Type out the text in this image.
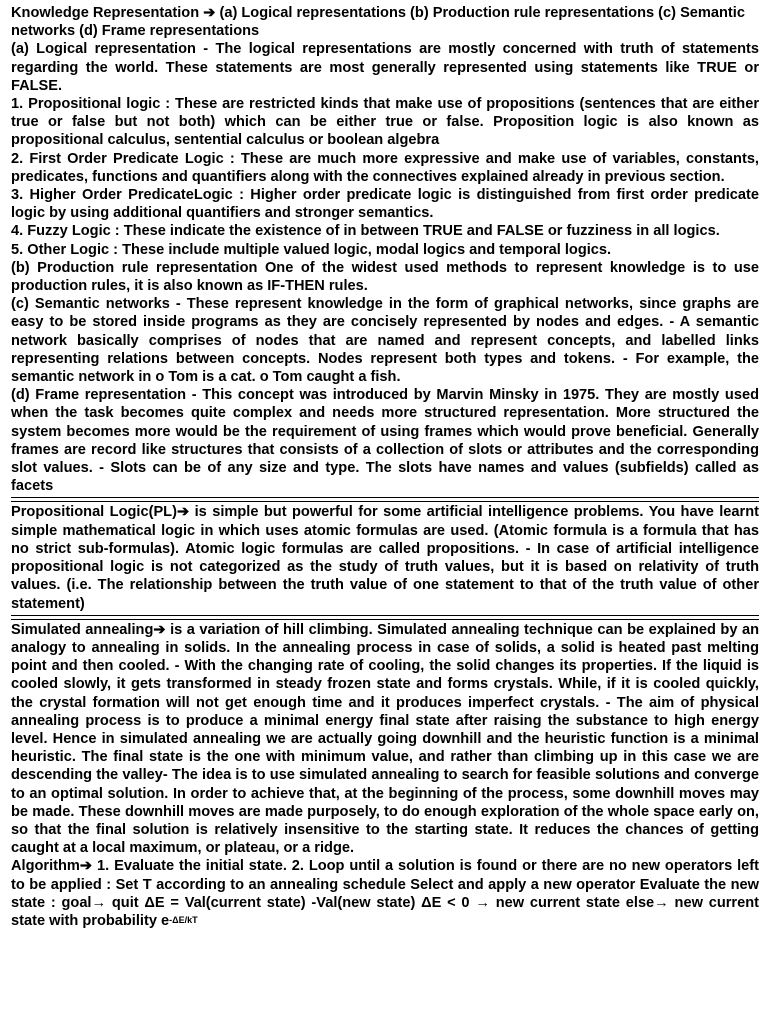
Knowledge Representation ➔ (a) Logical representations (b) Production rule representations (c) Semantic networks (d) Frame representations

(a) Logical representation - The logical representations are mostly concerned with truth of statements regarding the world. These statements are most generally represented using statements like TRUE or FALSE.

1. Propositional logic : These are restricted kinds that make use of propositions (sentences that are either true or false but not both) which can be either true or false. Proposition logic is also known as propositional calculus, sentential calculus or boolean algebra

2. First Order Predicate Logic : These are much more expressive and make use of variables, constants, predicates, functions and quantifiers along with the connectives explained already in previous section.

3. Higher Order PredicateLogic : Higher order predicate logic is distinguished from first order predicate logic by using additional quantifiers and stronger semantics.

4. Fuzzy Logic : These indicate the existence of in between TRUE and FALSE or fuzziness in all logics.

5. Other Logic : These include multiple valued logic, modal logics and temporal logics.

(b) Production rule representation One of the widest used methods to represent knowledge is to use production rules, it is also known as IF-THEN rules.

(c) Semantic networks - These represent knowledge in the form of graphical networks, since graphs are easy to be stored inside programs as they are concisely represented by nodes and edges. - A semantic network basically comprises of nodes that are named and represent concepts, and labelled links representing relations between concepts. Nodes represent both types and tokens. - For example, the semantic network in o Tom is a cat. o Tom caught a fish.

(d) Frame representation - This concept was introduced by Marvin Minsky in 1975. They are mostly used when the task becomes quite complex and needs more structured representation. More structured the system becomes more would be the requirement of using frames which would prove beneficial. Generally frames are record like structures that consists of a collection of slots or attributes and the corresponding slot values. - Slots can be of any size and type. The slots have names and values (subfields) called as facets

Propositional Logic(PL)➔ is simple but powerful for some artificial intelligence problems. You have learnt simple mathematical logic in which uses atomic formulas are used. (Atomic formula is a formula that has no strict sub-formulas). Atomic logic formulas are called propositions. - In case of artificial intelligence propositional logic is not categorized as the study of truth values, but it is based on relativity of truth values. (i.e. The relationship between the truth value of one statement to that of the truth value of other statement)

Simulated annealing➔ is a variation of hill climbing. Simulated annealing technique can be explained by an analogy to annealing in solids. In the annealing process in case of solids, a solid is heated past melting point and then cooled. - With the changing rate of cooling, the solid changes its properties. If the liquid is cooled slowly, it gets transformed in steady frozen state and forms crystals. While, if it is cooled quickly, the crystal formation will not get enough time and it produces imperfect crystals. - The aim of physical annealing process is to produce a minimal energy final state after raising the substance to high energy level. Hence in simulated annealing we are actually going downhill and the heuristic function is a minimal heuristic. The final state is the one with minimum value, and rather than climbing up in this case we are descending the valley- The idea is to use simulated annealing to search for feasible solutions and converge to an optimal solution. In order to achieve that, at the beginning of the process, some downhill moves may be made. These downhill moves are made purposely, to do enough exploration of the whole space early on, so that the final solution is relatively insensitive to the starting state. It reduces the chances of getting caught at a local maximum, or plateau, or a ridge.

Algorithm➔ 1. Evaluate the initial state. 2. Loop until a solution is found or there are no new operators left to be applied : Set T according to an annealing schedule Select and apply a new operator Evaluate the new state : goal→ quit ΔE = Val(current state) -Val(new state) ΔE < 0 → new current state else→ new current state with probability $e^{-\Delta E/kT}$
